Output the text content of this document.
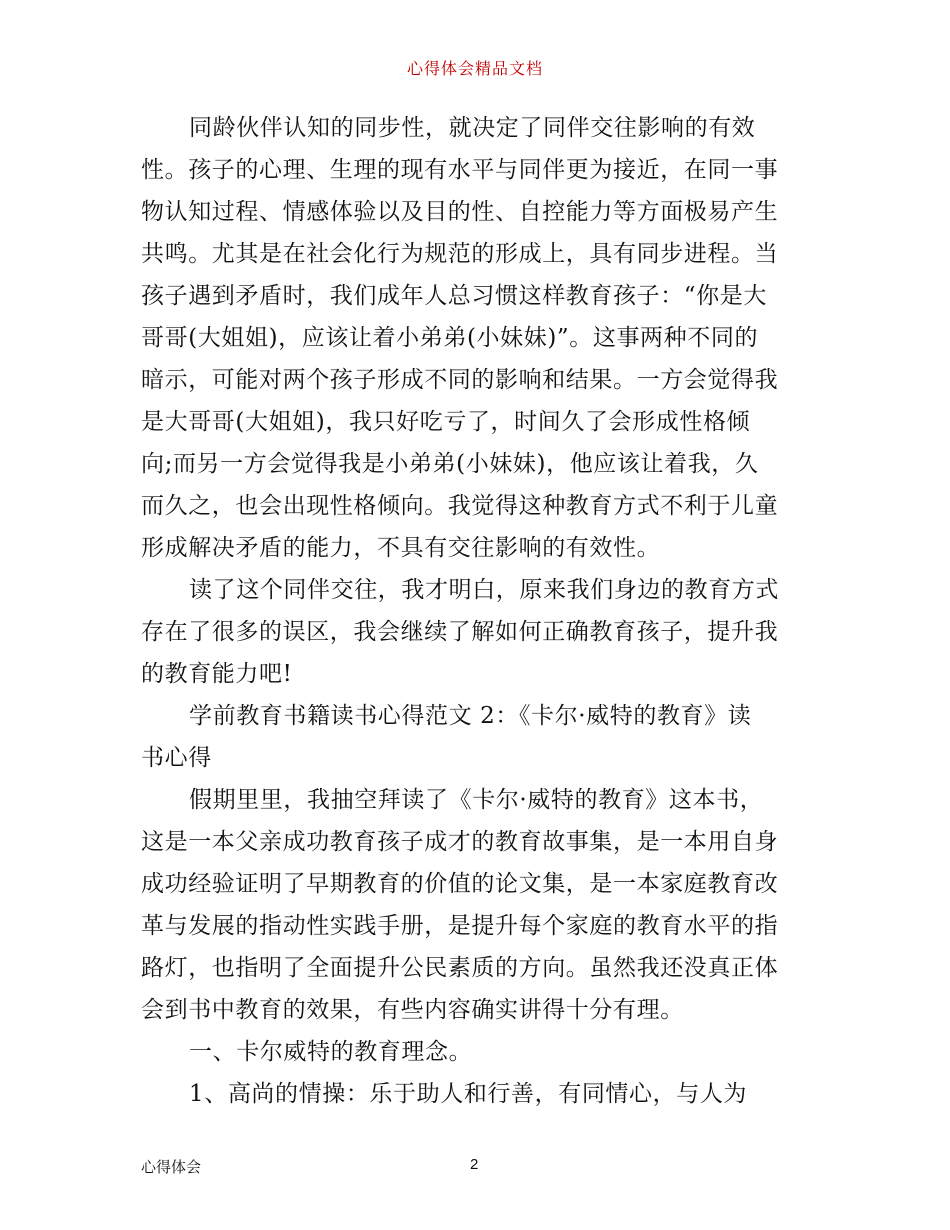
心得体会精品文档
同龄伙伴认知的同步性，就决定了同伴交往影响的有效
性。孩子的心理、生理的现有水平与同伴更为接近，在同一事
物认知过程、情感体验以及目的性、自控能力等方面极易产生
共鸣。尤其是在社会化行为规范的形成上，具有同步进程。当
孩子遇到矛盾时，我们成年人总习惯这样教育孩子：“你是大
哥哥(大姐姐)，应该让着小弟弟(小妹妹)”。这事两种不同的
暗示，可能对两个孩子形成不同的影响和结果。一方会觉得我
是大哥哥(大姐姐)，我只好吃亏了，时间久了会形成性格倾
向;而另一方会觉得我是小弟弟(小妹妹)，他应该让着我，久
而久之，也会出现性格倾向。我觉得这种教育方式不利于儿童
形成解决矛盾的能力，不具有交往影响的有效性。
读了这个同伴交往，我才明白，原来我们身边的教育方式
存在了很多的误区，我会继续了解如何正确教育孩子，提升我
的教育能力吧!
学前教育书籍读书心得范文 2：《卡尔·威特的教育》读
书心得
假期里里，我抽空拜读了《卡尔·威特的教育》这本书，
这是一本父亲成功教育孩子成才的教育故事集，是一本用自身
成功经验证明了早期教育的价值的论文集，是一本家庭教育改
革与发展的指动性实践手册，是提升每个家庭的教育水平的指
路灯，也指明了全面提升公民素质的方向。虽然我还没真正体
会到书中教育的效果，有些内容确实讲得十分有理。
一、卡尔威特的教育理念。
1、高尚的情操：乐于助人和行善，有同情心，与人为
心得体会	2
